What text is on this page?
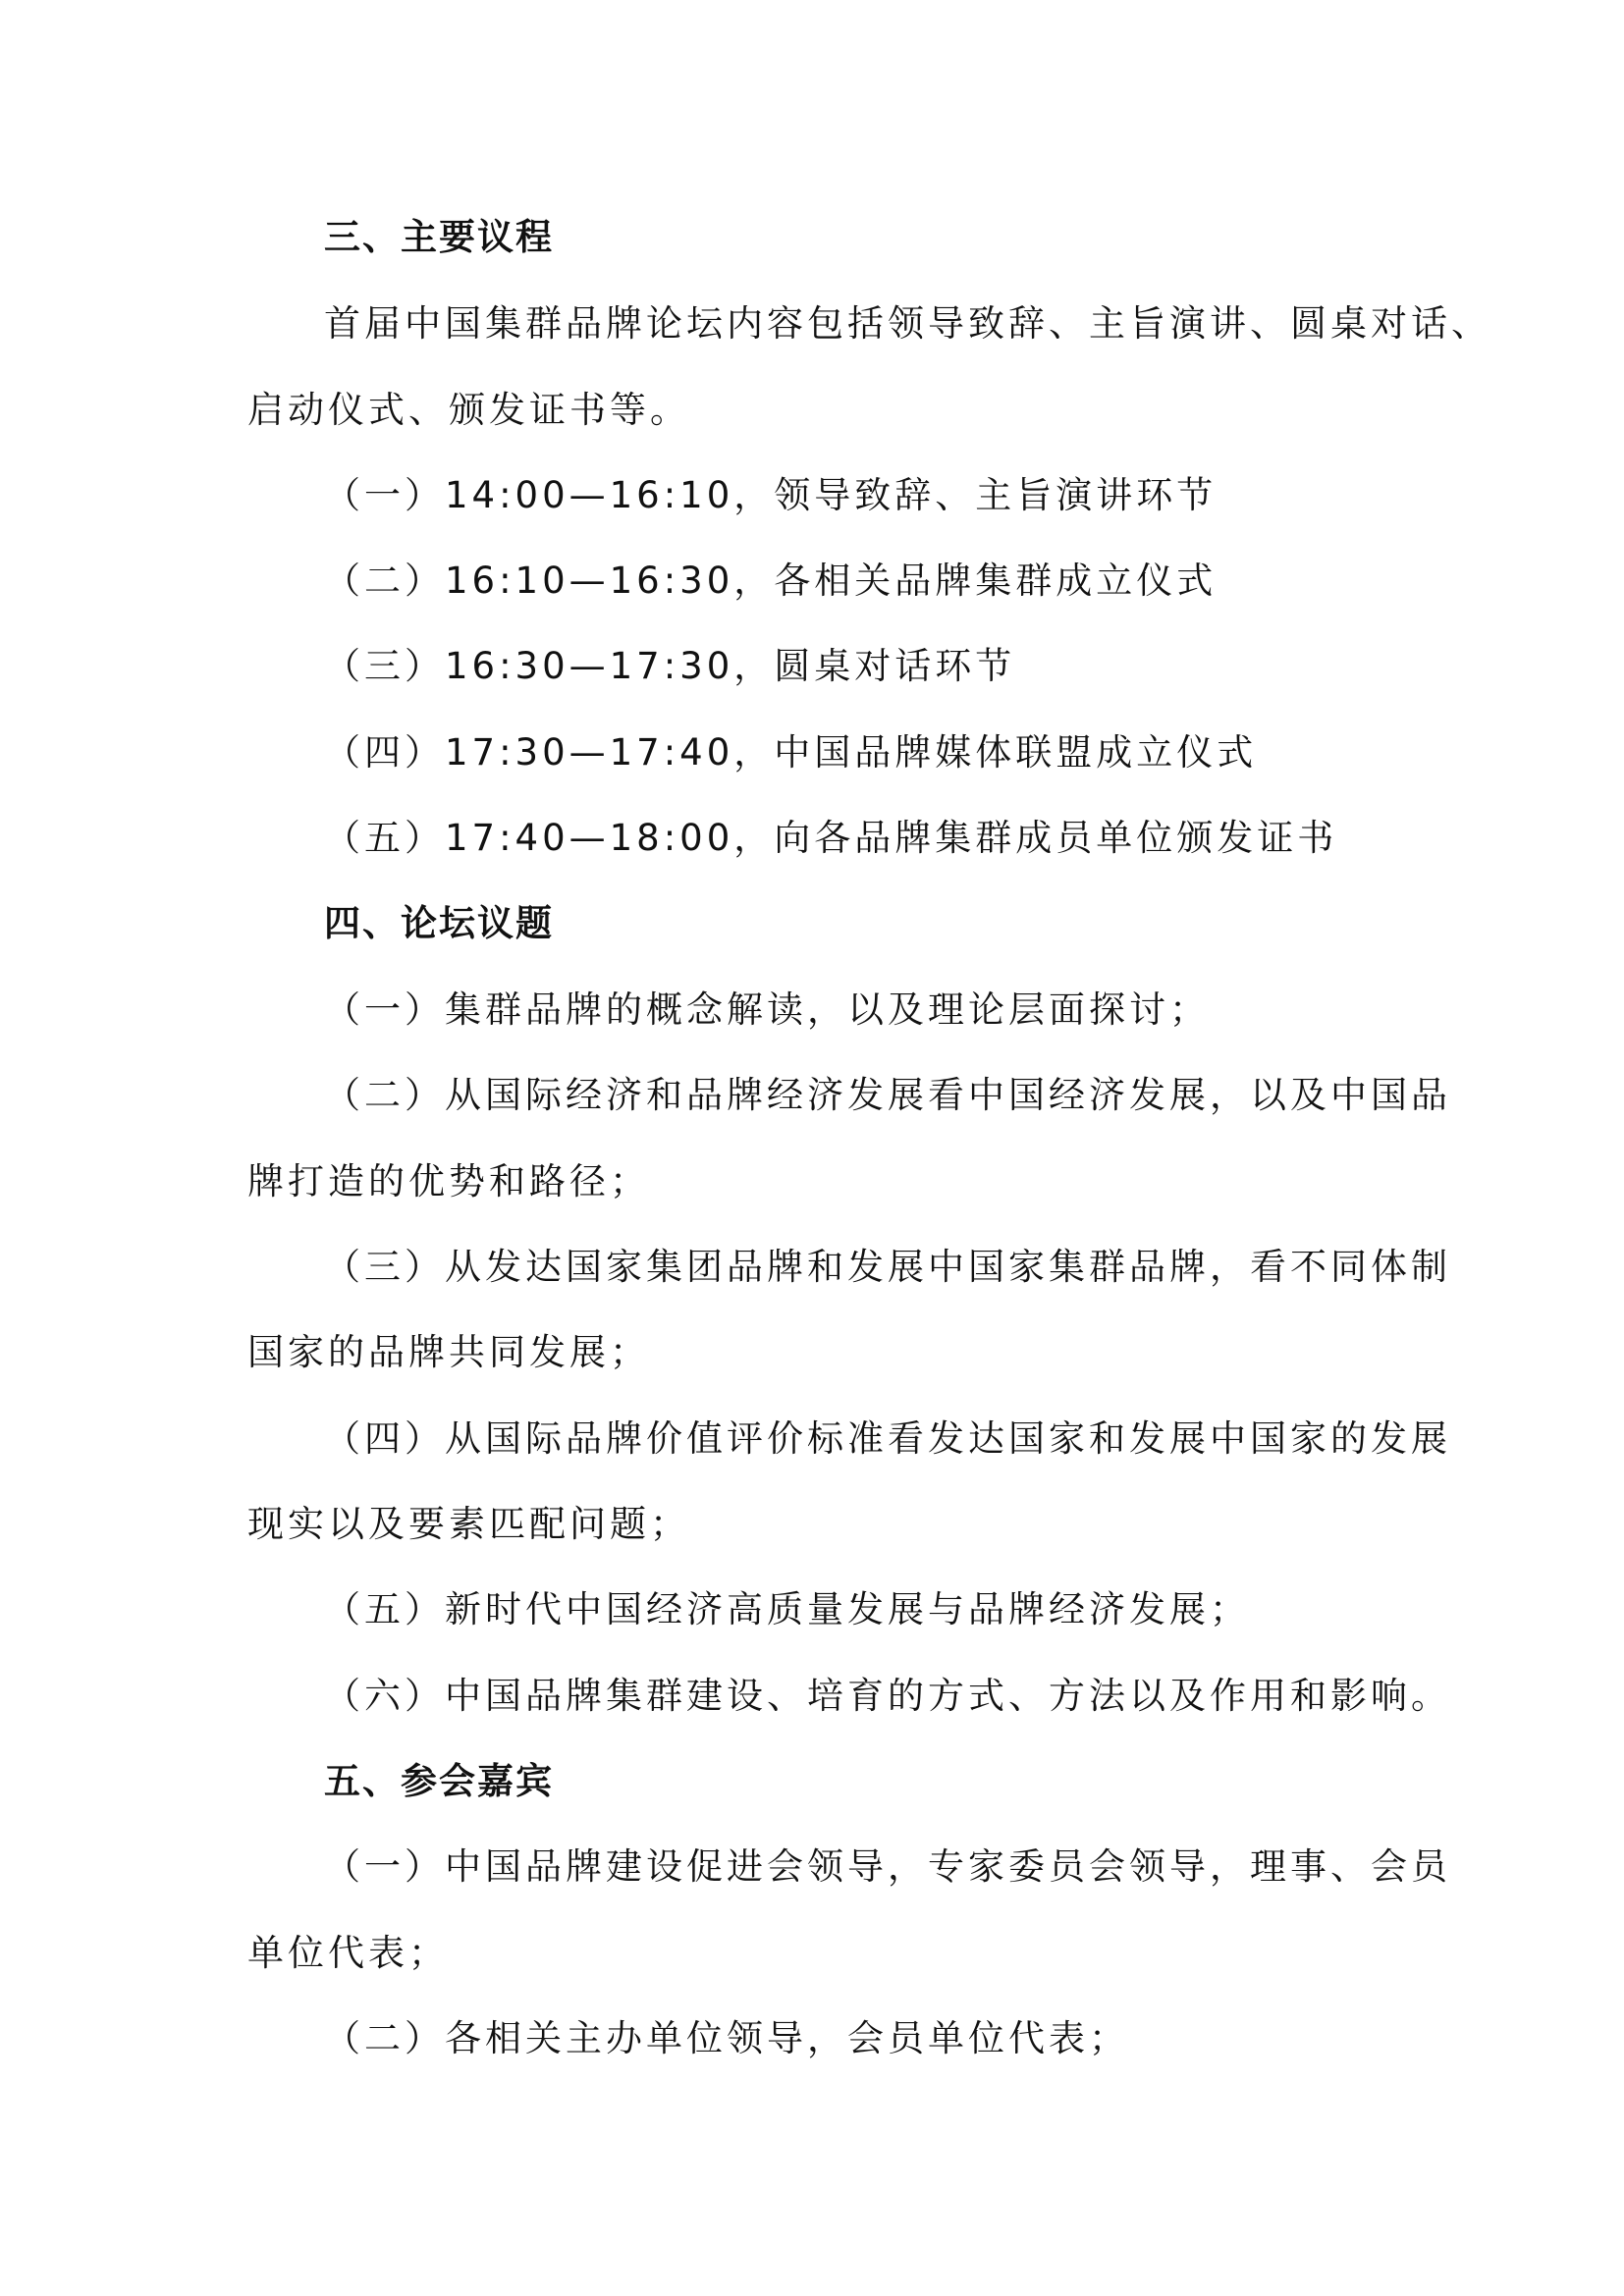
三、主要议程

首届中国集群品牌论坛内容包括领导致辞、主旨演讲、圆桌对话、

启动仪式、颁发证书等。

（一）14:00—16:10，领导致辞、主旨演讲环节

（二）16:10—16:30，各相关品牌集群成立仪式

（三）16:30—17:30，圆桌对话环节

（四）17:30—17:40，中国品牌媒体联盟成立仪式

（五）17:40—18:00，向各品牌集群成员单位颁发证书

四、论坛议题

（一）集群品牌的概念解读，以及理论层面探讨；

（二）从国际经济和品牌经济发展看中国经济发展，以及中国品

牌打造的优势和路径；

（三）从发达国家集团品牌和发展中国家集群品牌，看不同体制

国家的品牌共同发展；

（四）从国际品牌价值评价标准看发达国家和发展中国家的发展

现实以及要素匹配问题；

（五）新时代中国经济高质量发展与品牌经济发展；

（六）中国品牌集群建设、培育的方式、方法以及作用和影响。

五、参会嘉宾

（一）中国品牌建设促进会领导，专家委员会领导，理事、会员

单位代表；

（二）各相关主办单位领导，会员单位代表；
